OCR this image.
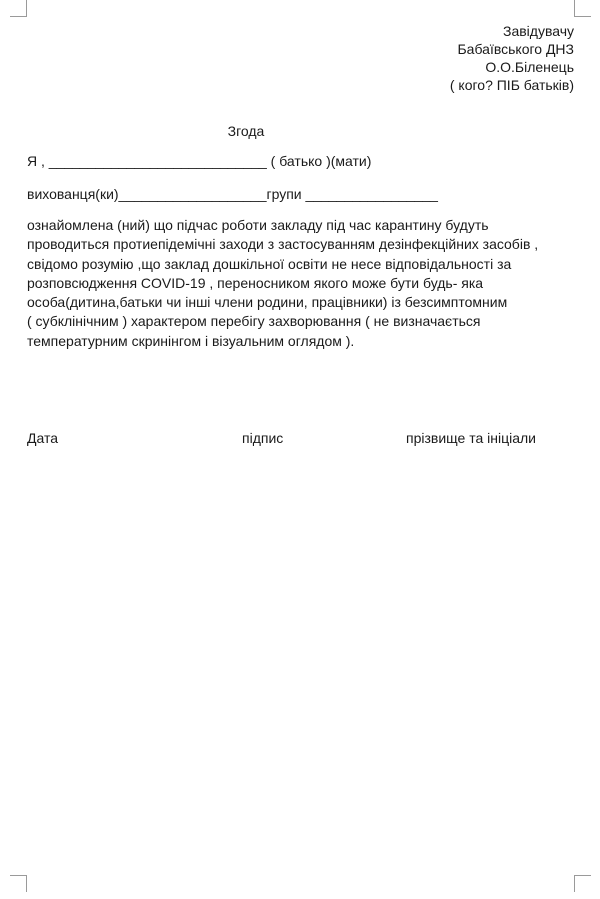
Завідувачу
Бабаївського ДНЗ
О.О.Біленець
( кого? ПІБ батьків)
Згода
Я , ____________________________ ( батько )(мати)
вихованця(ки)___________________групи _________________

ознайомлена (ний) що підчас роботи закладу під час карантину будуть
проводиться протиепідемічні заходи з застосуванням дезінфекційних засобів ,
свідомо розумію ,що заклад дошкільної освіти не несе відповідальності за
розповсюдження COVID-19 , переносником якого може бути будь- яка
особа(дитина,батьки чи інші члени родини, працівники) із безсимптомним
( субклінічним ) характером перебігу захворювання ( не визначається
температурним скринінгом і візуальним оглядом ).

Дата	підпис	прізвище та ініціали
